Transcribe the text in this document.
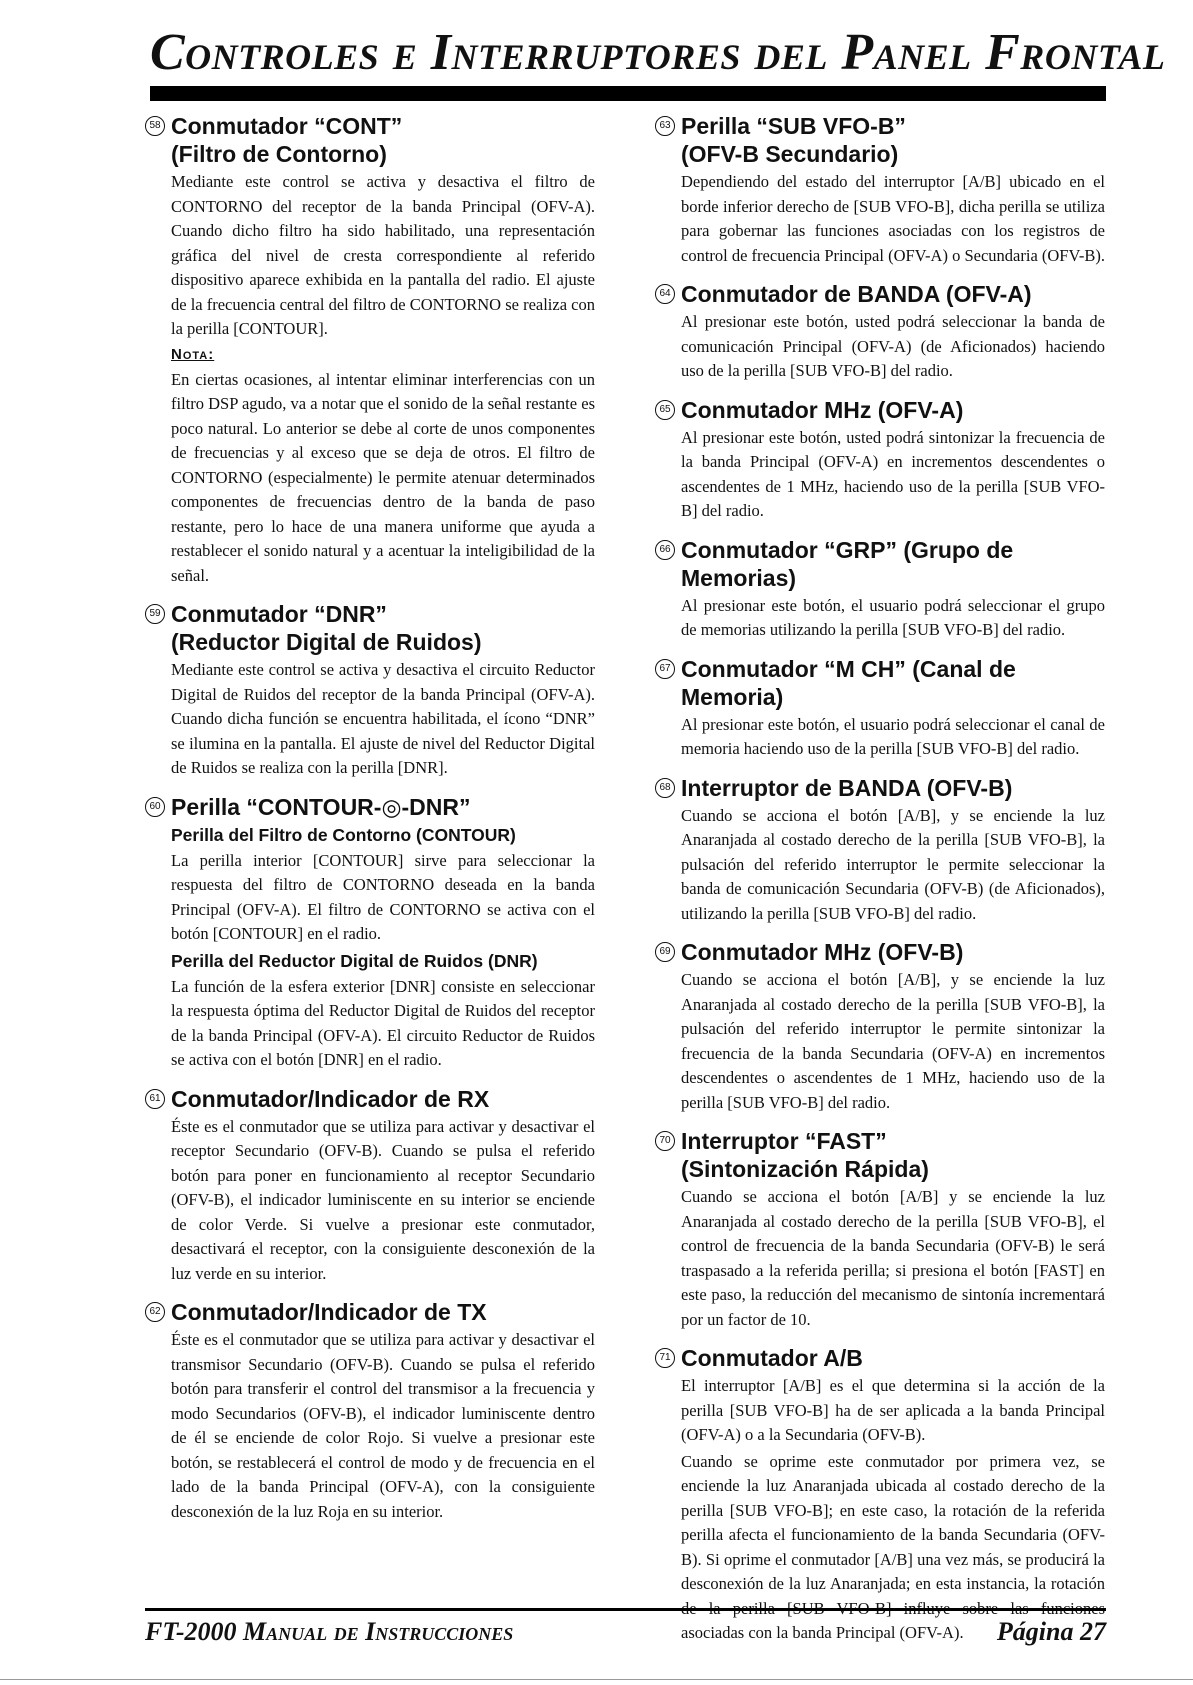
Controles e Interruptores del Panel Frontal
58 Conmutador “CONT”
(Filtro de Contorno)

Mediante este control se activa y desactiva el filtro de CONTORNO del receptor de la banda Principal (OFV-A). Cuando dicho filtro ha sido habilitado, una representación gráfica del nivel de cresta correspondiente al referido dispositivo aparece exhibida en la pantalla del radio. El ajuste de la frecuencia central del filtro de CONTORNO se realiza con la perilla [CONTOUR].

Nota:

En ciertas ocasiones, al intentar eliminar interferencias con un filtro DSP agudo, va a notar que el sonido de la señal restante es poco natural. Lo anterior se debe al corte de unos componentes de frecuencias y al exceso que se deja de otros. El filtro de CONTORNO (especialmente) le permite atenuar determinados componentes de frecuencias dentro de la banda de paso restante, pero lo hace de una manera uniforme que ayuda a restablecer el sonido natural y a acentuar la inteligibilidad de la señal.

59 Conmutador “DNR”
(Reductor Digital de Ruidos)

Mediante este control se activa y desactiva el circuito Reductor Digital de Ruidos del receptor de la banda Principal (OFV-A). Cuando dicha función se encuentra habilitada, el ícono “DNR” se ilumina en la pantalla. El ajuste de nivel del Reductor Digital de Ruidos se realiza con la perilla [DNR].

60 Perilla “CONTOUR-◎-DNR”
Perilla del Filtro de Contorno (CONTOUR)

La perilla interior [CONTOUR] sirve para seleccionar la respuesta del filtro de CONTORNO deseada en la banda Principal (OFV-A). El filtro de CONTORNO se activa con el botón [CONTOUR] en el radio.

Perilla del Reductor Digital de Ruidos (DNR)

La función de la esfera exterior [DNR] consiste en seleccionar la respuesta óptima del Reductor Digital de Ruidos del receptor de la banda Principal (OFV-A). El circuito Reductor de Ruidos se activa con el botón [DNR] en el radio.

61 Conmutador/Indicador de RX

Éste es el conmutador que se utiliza para activar y desactivar el receptor Secundario (OFV-B). Cuando se pulsa el referido botón para poner en funcionamiento al receptor Secundario (OFV-B), el indicador luminiscente en su interior se enciende de color Verde. Si vuelve a presionar este conmutador, desactivará el receptor, con la consiguiente desconexión de la luz verde en su interior.

62 Conmutador/Indicador de TX

Éste es el conmutador que se utiliza para activar y desactivar el transmisor Secundario (OFV-B). Cuando se pulsa el referido botón para transferir el control del transmisor a la frecuencia y modo Secundarios (OFV-B), el indicador luminiscente dentro de él se enciende de color Rojo. Si vuelve a presionar este botón, se restablecerá el control de modo y de frecuencia en el lado de la banda Principal (OFV-A), con la consiguiente desconexión de la luz Roja en su interior.

63 Perilla “SUB VFO-B”
(OFV-B Secundario)

Dependiendo del estado del interruptor [A/B] ubicado en el borde inferior derecho de [SUB VFO-B], dicha perilla se utiliza para gobernar las funciones asociadas con los registros de control de frecuencia Principal (OFV-A) o Secundaria (OFV-B).

64 Conmutador de BANDA (OFV-A)

Al presionar este botón, usted podrá seleccionar la banda de comunicación Principal (OFV-A) (de Aficionados) haciendo uso de la perilla [SUB VFO-B] del radio.

65 Conmutador MHz (OFV-A)

Al presionar este botón, usted podrá sintonizar la frecuencia de la banda Principal (OFV-A) en incrementos descendentes o ascendentes de 1 MHz, haciendo uso de la perilla [SUB VFO-B] del radio.

66 Conmutador “GRP” (Grupo de Memorias)

Al presionar este botón, el usuario podrá seleccionar el grupo de memorias utilizando la perilla [SUB VFO-B] del radio.

67 Conmutador “M CH” (Canal de Memoria)

Al presionar este botón, el usuario podrá seleccionar el canal de memoria haciendo uso de la perilla [SUB VFO-B] del radio.

68 Interruptor de BANDA (OFV-B)

Cuando se acciona el botón [A/B], y se enciende la luz Anaranjada al costado derecho de la perilla [SUB VFO-B], la pulsación del referido interruptor le permite seleccionar la banda de comunicación Secundaria (OFV-B) (de Aficionados), utilizando la perilla [SUB VFO-B] del radio.

69 Conmutador MHz (OFV-B)

Cuando se acciona el botón [A/B], y se enciende la luz Anaranjada al costado derecho de la perilla [SUB VFO-B], la pulsación del referido interruptor le permite sintonizar la frecuencia de la banda Secundaria (OFV-A) en incrementos descendentes o ascendentes de 1 MHz, haciendo uso de la perilla [SUB VFO-B] del radio.

70 Interruptor “FAST”
(Sintonización Rápida)

Cuando se acciona el botón [A/B] y se enciende la luz Anaranjada al costado derecho de la perilla [SUB VFO-B], el control de frecuencia de la banda Secundaria (OFV-B) le será traspasado a la referida perilla; si presiona el botón [FAST] en este paso, la reducción del mecanismo de sintonía incrementará por un factor de 10.

71 Conmutador A/B

El interruptor [A/B] es el que determina si la acción de la perilla [SUB VFO-B] ha de ser aplicada a la banda Principal (OFV-A) o a la Secundaria (OFV-B).

Cuando se oprime este conmutador por primera vez, se enciende la luz Anaranjada ubicada al costado derecho de la perilla [SUB VFO-B]; en este caso, la rotación de la referida perilla afecta el funcionamiento de la banda Secundaria (OFV-B). Si oprime el conmutador [A/B] una vez más, se producirá la desconexión de la luz Anaranjada; en esta instancia, la rotación asociadas con la banda Principal (OFV-A).

FT-2000 Manual de Instrucciones	Página 27
